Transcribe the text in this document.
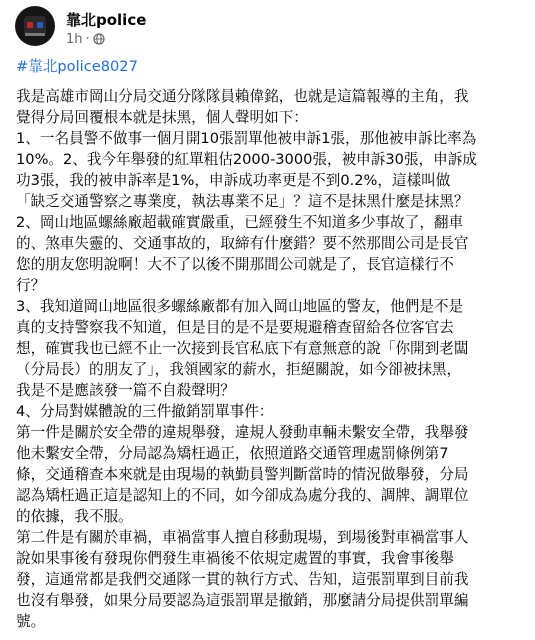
靠北police
1h ·
#靠北police8027
我是高雄市岡山分局交通分隊隊員賴偉銘，也就是這篇報導的主角，我
覺得分局回覆根本就是抹黑，個人聲明如下：
1、一名員警不做事一個月開10張罰單他被申訴1張，那他被申訴比率為
10%。2、我今年舉發的紅單粗估2000-3000張，被申訴30張，申訴成
功3張，我的被申訴率是1%，申訴成功率更是不到0.2%，這樣叫做
「缺乏交通警察之專業度，執法專業不足」？這不是抹黑什麼是抹黑？
2、岡山地區螺絲廠超載確實嚴重，已經發生不知道多少事故了，翻車
的、煞車失靈的、交通事故的，取締有什麼錯？要不然那間公司是長官
您的朋友您明說啊！大不了以後不開那間公司就是了，長官這樣行不
行？
3、我知道岡山地區很多螺絲廠都有加入岡山地區的警友，他們是不是
真的支持警察我不知道，但是目的是不是要規避稽查留給各位客官去
想，確實我也已經不止一次接到長官私底下有意無意的說「你開到老闆
（分局長）的朋友了」，我領國家的薪水，拒絕關說，如今卻被抹黑，
我是不是應該發一篇不自殺聲明？
4、分局對媒體說的三件撤銷罰單事件：
第一件是關於安全帶的違規舉發，違規人發動車輛未繫安全帶，我舉發
他未繫安全帶，分局認為矯枉過正，依照道路交通管理處罰條例第7
條，交通稽查本來就是由現場的執勤員警判斷當時的情況做舉發，分局
認為矯枉過正這是認知上的不同，如今卻成為處分我的、調牌、調單位
的依據，我不服。
第二件是有關於車禍，車禍當事人擅自移動現場，到場後對車禍當事人
說如果事後有發現你們發生車禍後不依規定處置的事實，我會事後舉
發，這通常都是我們交通隊一貫的執行方式、告知，這張罰單到目前我
也沒有舉發，如果分局要認為這張罰單是撤銷，那麼請分局提供罰單編
號。
